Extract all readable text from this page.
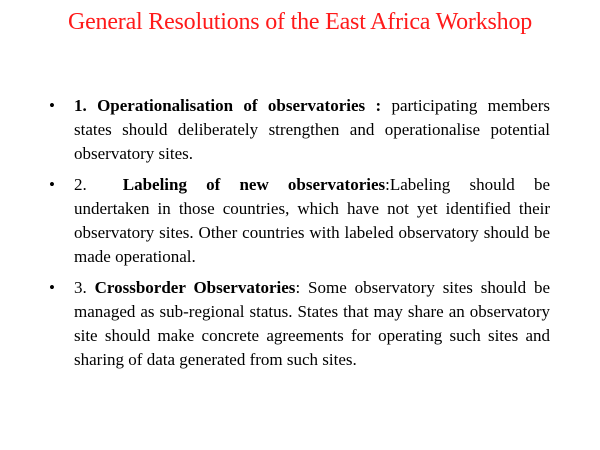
General Resolutions of the East Africa Workshop
• 1. Operationalisation of observatories : participating members states should deliberately strengthen and operationalise potential observatory sites.
• 2. Labeling of new observatories:Labeling should be undertaken in those countries, which have not yet identified their observatory sites. Other countries with labeled observatory should be made operational.
• 3. Crossborder Observatories: Some observatory sites should be managed as sub-regional status. States that may share an observatory site should make concrete agreements for operating such sites and sharing of data generated from such sites.
